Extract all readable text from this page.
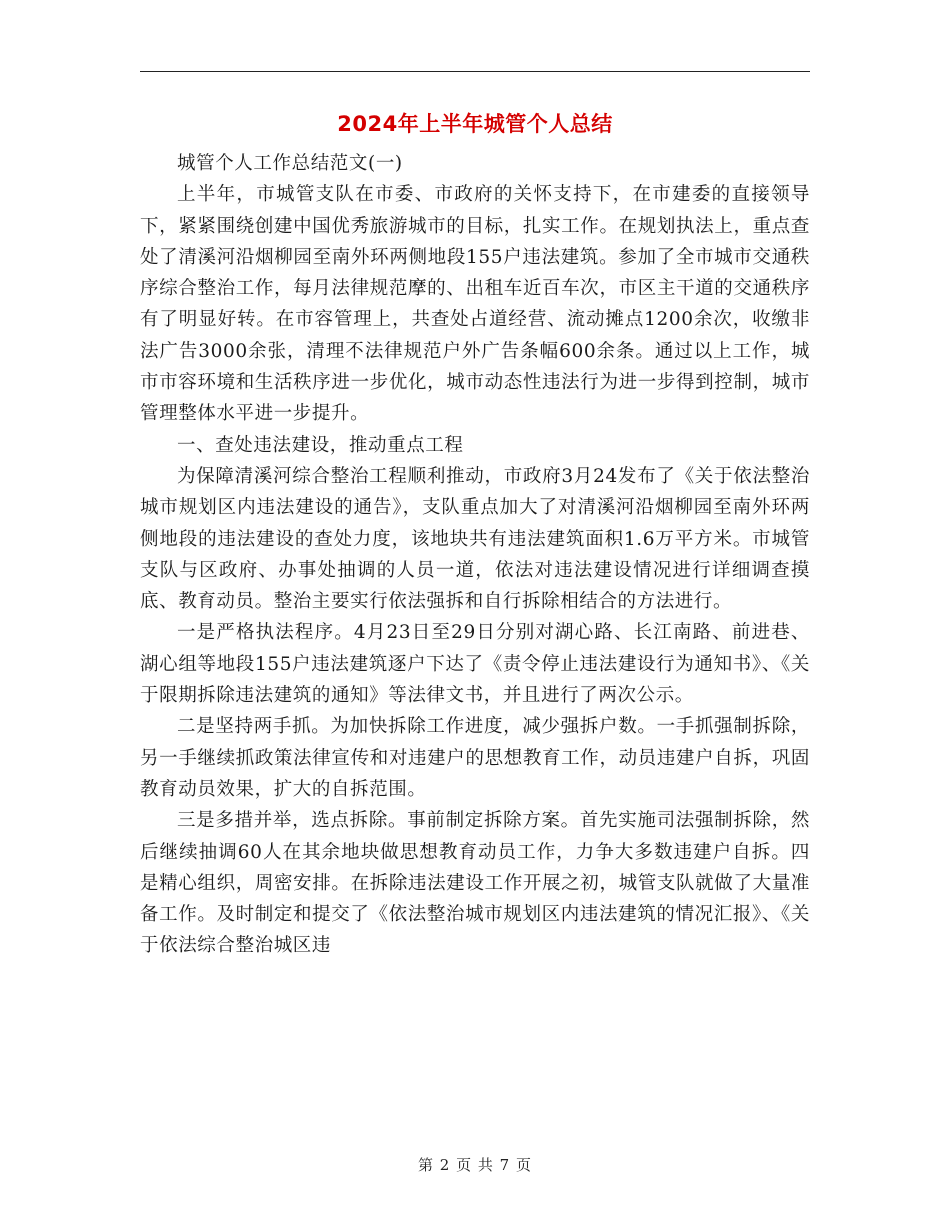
2024年上半年城管个人总结

城管个人工作总结范文(一)

上半年，市城管支队在市委、市政府的关怀支持下，在市建委的直接领导下，紧紧围绕创建中国优秀旅游城市的目标，扎实工作。在规划执法上，重点查处了清溪河沿烟柳园至南外环两侧地段155户违法建筑。参加了全市城市交通秩序综合整治工作，每月法律规范摩的、出租车近百车次，市区主干道的交通秩序有了明显好转。在市容管理上，共查处占道经营、流动摊点1200余次，收缴非法广告3000余张，清理不法律规范户外广告条幅600余条。通过以上工作，城市市容环境和生活秩序进一步优化，城市动态性违法行为进一步得到控制，城市管理整体水平进一步提升。

一、查处违法建设，推动重点工程

为保障清溪河综合整治工程顺利推动，市政府3月24发布了《关于依法整治城市规划区内违法建设的通告》，支队重点加大了对清溪河沿烟柳园至南外环两侧地段的违法建设的查处力度，该地块共有违法建筑面积1.6万平方米。市城管支队与区政府、办事处抽调的人员一道，依法对违法建设情况进行详细调查摸底、教育动员。整治主要实行依法强拆和自行拆除相结合的方法进行。

一是严格执法程序。4月23日至29日分别对湖心路、长江南路、前进巷、湖心组等地段155户违法建筑逐户下达了《责令停止违法建设行为通知书》、《关于限期拆除违法建筑的通知》等法律文书，并且进行了两次公示。

二是坚持两手抓。为加快拆除工作进度，减少强拆户数。一手抓强制拆除，另一手继续抓政策法律宣传和对违建户的思想教育工作，动员违建户自拆，巩固教育动员效果，扩大的自拆范围。

三是多措并举，选点拆除。事前制定拆除方案。首先实施司法强制拆除，然后继续抽调60人在其余地块做思想教育动员工作，力争大多数违建户自拆。四是精心组织，周密安排。在拆除违法建设工作开展之初，城管支队就做了大量准备工作。及时制定和提交了《依法整治城市规划区内违法建筑的情况汇报》、《关于依法综合整治城区违

第 2 页 共 7 页
